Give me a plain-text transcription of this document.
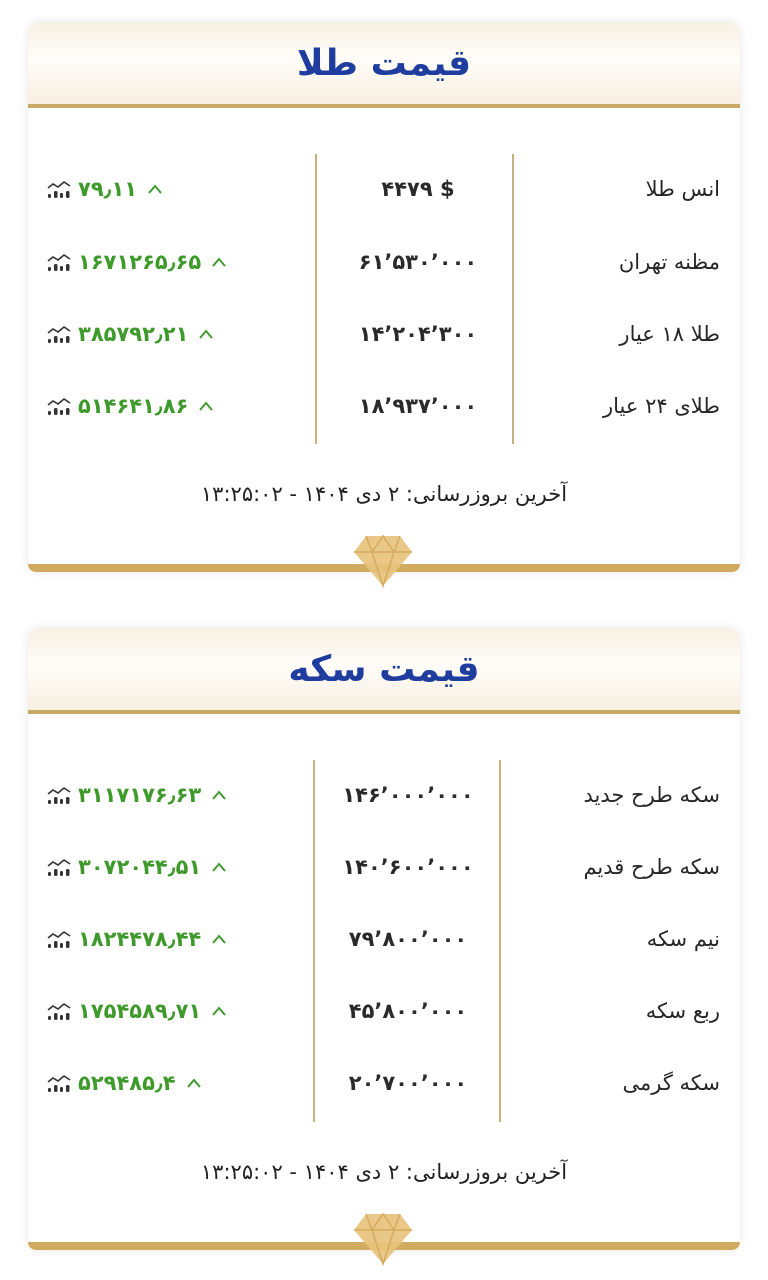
قیمت طلا
انس طلا
۴۴۷۹ $
۷۹٫۱۱
مظنه تهران
۶۱٬۵۳۰٬۰۰۰
۱۶۷۱۲۶۵٫۶۵
طلا ۱۸ عیار
۱۴٬۲۰۴٬۳۰۰
۳۸۵۷۹۲٫۲۱
طلای ۲۴ عیار
۱۸٬۹۳۷٬۰۰۰
۵۱۴۶۴۱٫۸۶
آخرین بروزرسانی: ۲ دی ۱۴۰۴ - ۱۳:۲۵:۰۲
قیمت سکه
سکه طرح جدید
۱۴۶٬۰۰۰٬۰۰۰
۳۱۱۷۱۷۶٫۶۳
سکه طرح قدیم
۱۴۰٬۶۰۰٬۰۰۰
۳۰۷۲۰۴۴٫۵۱
نیم سکه
۷۹٬۸۰۰٬۰۰۰
۱۸۲۴۴۷۸٫۴۴
ربع سکه
۴۵٬۸۰۰٬۰۰۰
۱۷۵۴۵۸۹٫۷۱
سکه گرمی
۲۰٬۷۰۰٬۰۰۰
۵۲۹۴۸۵٫۴
آخرین بروزرسانی: ۲ دی ۱۴۰۴ - ۱۳:۲۵:۰۲
